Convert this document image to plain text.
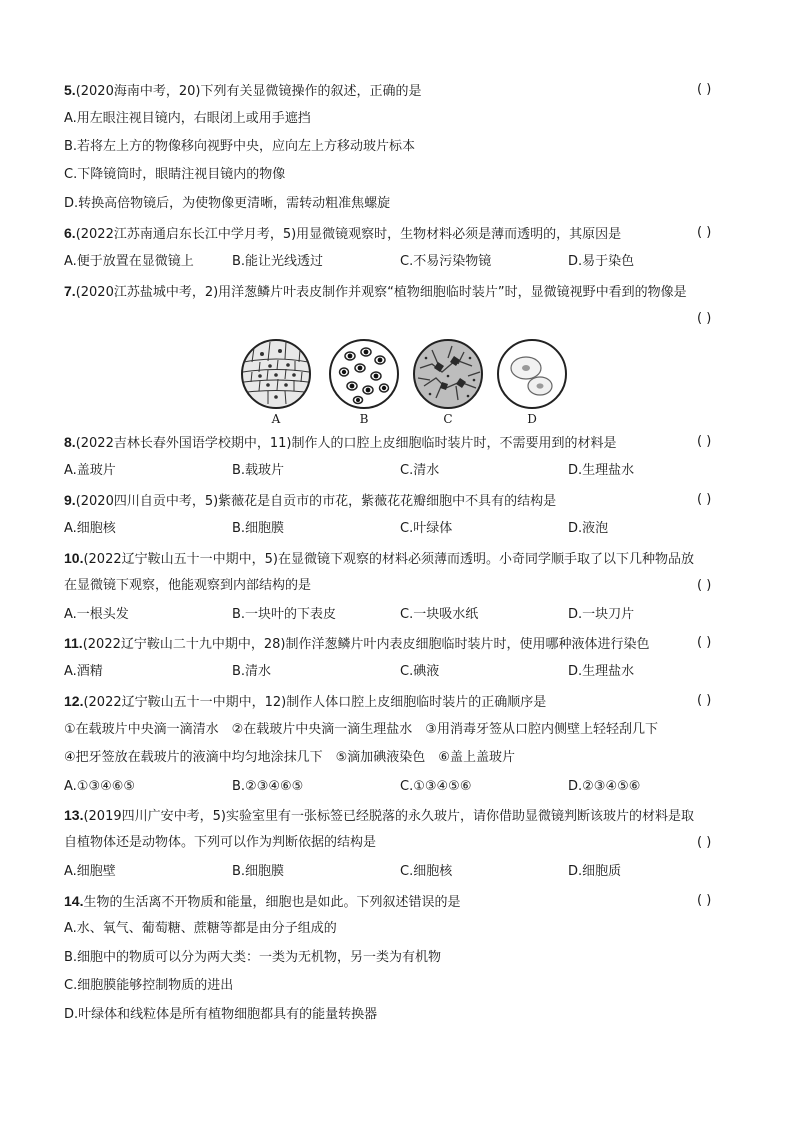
5.(2020海南中考，20)下列有关显微镜操作的叙述，正确的是	( )
A.用左眼注视目镜内，右眼闭上或用手遮挡
B.若将左上方的物像移向视野中央，应向左上方移动玻片标本
C.下降镜筒时，眼睛注视目镜内的物像
D.转换高倍物镜后，为使物像更清晰，需转动粗准焦螺旋
6.(2022江苏南通启东长江中学月考，5)用显微镜观察时，生物材料必须是薄而透明的，其原因是	( )
A.便于放置在显微镜上	B.能让光线透过	C.不易污染物镜	D.易于染色
7.(2020江苏盐城中考，2)用洋葱鳞片叶表皮制作并观察“植物细胞临时装片”时，显微镜视野中看到的物像是
( )
A	B	C	D
8.(2022吉林长春外国语学校期中，11)制作人的口腔上皮细胞临时装片时，不需要用到的材料是	( )
A.盖玻片	B.载玻片	C.清水	D.生理盐水
9.(2020四川自贡中考，5)紫薇花是自贡市的市花，紫薇花花瓣细胞中不具有的结构是	( )
A.细胞核	B.细胞膜	C.叶绿体	D.液泡
10.(2022辽宁鞍山五十一中期中，5)在显微镜下观察的材料必须薄而透明。小奇同学顺手取了以下几种物品放
在显微镜下观察，他能观察到内部结构的是	( )
A.一根头发	B.一块叶的下表皮	C.一块吸水纸	D.一块刀片
11.(2022辽宁鞍山二十九中期中，28)制作洋葱鳞片叶内表皮细胞临时装片时，使用哪种液体进行染色	( )
A.酒精	B.清水	C.碘液	D.生理盐水
12.(2022辽宁鞍山五十一中期中，12)制作人体口腔上皮细胞临时装片的正确顺序是	( )
①在载玻片中央滴一滴清水　②在载玻片中央滴一滴生理盐水　③用消毒牙签从口腔内侧壁上轻轻刮几下
④把牙签放在载玻片的液滴中均匀地涂抹几下　⑤滴加碘液染色　⑥盖上盖玻片
A.①③④⑥⑤	B.②③④⑥⑤	C.①③④⑤⑥	D.②③④⑤⑥
13.(2019四川广安中考，5)实验室里有一张标签已经脱落的永久玻片，请你借助显微镜判断该玻片的材料是取
自植物体还是动物体。下列可以作为判断依据的结构是	( )
A.细胞壁	B.细胞膜	C.细胞核	D.细胞质
14.生物的生活离不开物质和能量，细胞也是如此。下列叙述错误的是	( )
A.水、氧气、葡萄糖、蔗糖等都是由分子组成的
B.细胞中的物质可以分为两大类：一类为无机物，另一类为有机物
C.细胞膜能够控制物质的进出
D.叶绿体和线粒体是所有植物细胞都具有的能量转换器
